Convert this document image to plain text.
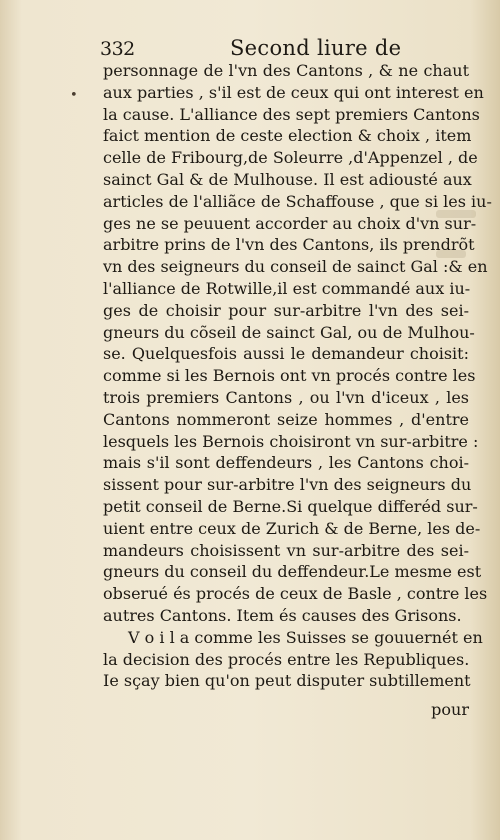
332	Second liure de
•
personnage de l'vn des Cantons , & ne chaut
aux parties , s'il est de ceux qui ont interest en
la cause. L'alliance des sept premiers Cantons
faict mention de ceste election & choix , item
celle de Fribourg,de Soleurre ,d'Appenzel , de
sainct Gal & de Mulhouse. Il est adiousté aux
articles de l'alliãce de Schaffouse , que si les iu-
ges ne se peuuent accorder au choix d'vn sur-
arbitre prins de l'vn des Cantons, ils prendrõt
vn des seigneurs du conseil de sainct Gal :& en
l'alliance de Rotwille,il est commandé aux iu-
ges de choisir pour sur-arbitre l'vn des sei-
gneurs du cõseil de sainct Gal, ou de Mulhou-
se. Quelquesfois aussi le demandeur choisit:
comme si les Bernois ont vn procés contre les
trois premiers Cantons , ou l'vn d'iceux , les
Cantons nommeront seize hommes , d'entre
lesquels les Bernois choisiront vn sur-arbitre :
mais s'il sont deffendeurs , les Cantons choi-
sissent pour sur-arbitre l'vn des seigneurs du
petit conseil de Berne.Si quelque differéd sur-
uient entre ceux de Zurich & de Berne, les de-
mandeurs choisissent vn sur-arbitre des sei-
gneurs du conseil du deffendeur.Le mesme est
obserué és procés de ceux de Basle , contre les
autres Cantons. Item és causes des Grisons.
V o i l a comme les Suisses se gouuernét en
la decision des procés entre les Republiques.
Ie sçay bien qu'on peut disputer subtillement
pour
